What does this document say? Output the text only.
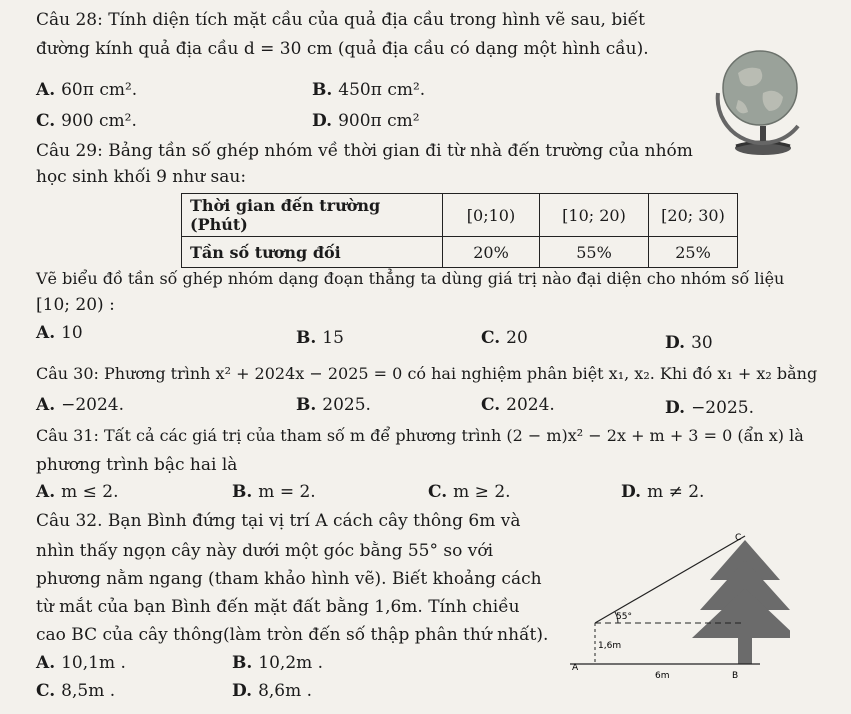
Câu 28: Tính diện tích mặt cầu của quả địa cầu trong hình vẽ sau, biết
đường kính quả địa cầu d = 30 cm (quả địa cầu có dạng một hình cầu).
A. 60π cm².	B. 450π cm².
C. 900 cm².	D. 900π cm²
Câu 29: Bảng tần số ghép nhóm về thời gian đi từ nhà đến trường của nhóm
học sinh khối 9 như sau:
Thời gian đến trường (Phút)	[0;10)	[10; 20)	[20; 30)
Tần số tương đối	20%	55%	25%
Vẽ biểu đồ tần số ghép nhóm dạng đoạn thẳng ta dùng giá trị nào đại diện cho nhóm số liệu
[10; 20) :
A. 10	B. 15	C. 20	D. 30
Câu 30: Phương trình x² + 2024x − 2025 = 0 có hai nghiệm phân biệt x₁, x₂. Khi đó x₁ + x₂ bằng
A. −2024.	B. 2025.	C. 2024.	D. −2025.
Câu 31: Tất cả các giá trị của tham số m để phương trình (2 − m)x² − 2x + m + 3 = 0 (ẩn x) là
phương trình bậc hai là
A. m ≤ 2.	B. m = 2.	C. m ≥ 2.	D. m ≠ 2.
Câu 32. Bạn Bình đứng tại vị trí A cách cây thông 6m và
nhìn thấy ngọn cây này dưới một góc bằng 55° so với
phương nằm ngang (tham khảo hình vẽ). Biết khoảng cách
từ mắt của bạn Bình đến mặt đất bằng 1,6m. Tính chiều
cao BC của cây thông(làm tròn đến số thập phân thứ nhất).
A. 10,1m .	B. 10,2m .
C. 8,5m .	D. 8,6m .
C
A
B
55°
1,6m
6m
